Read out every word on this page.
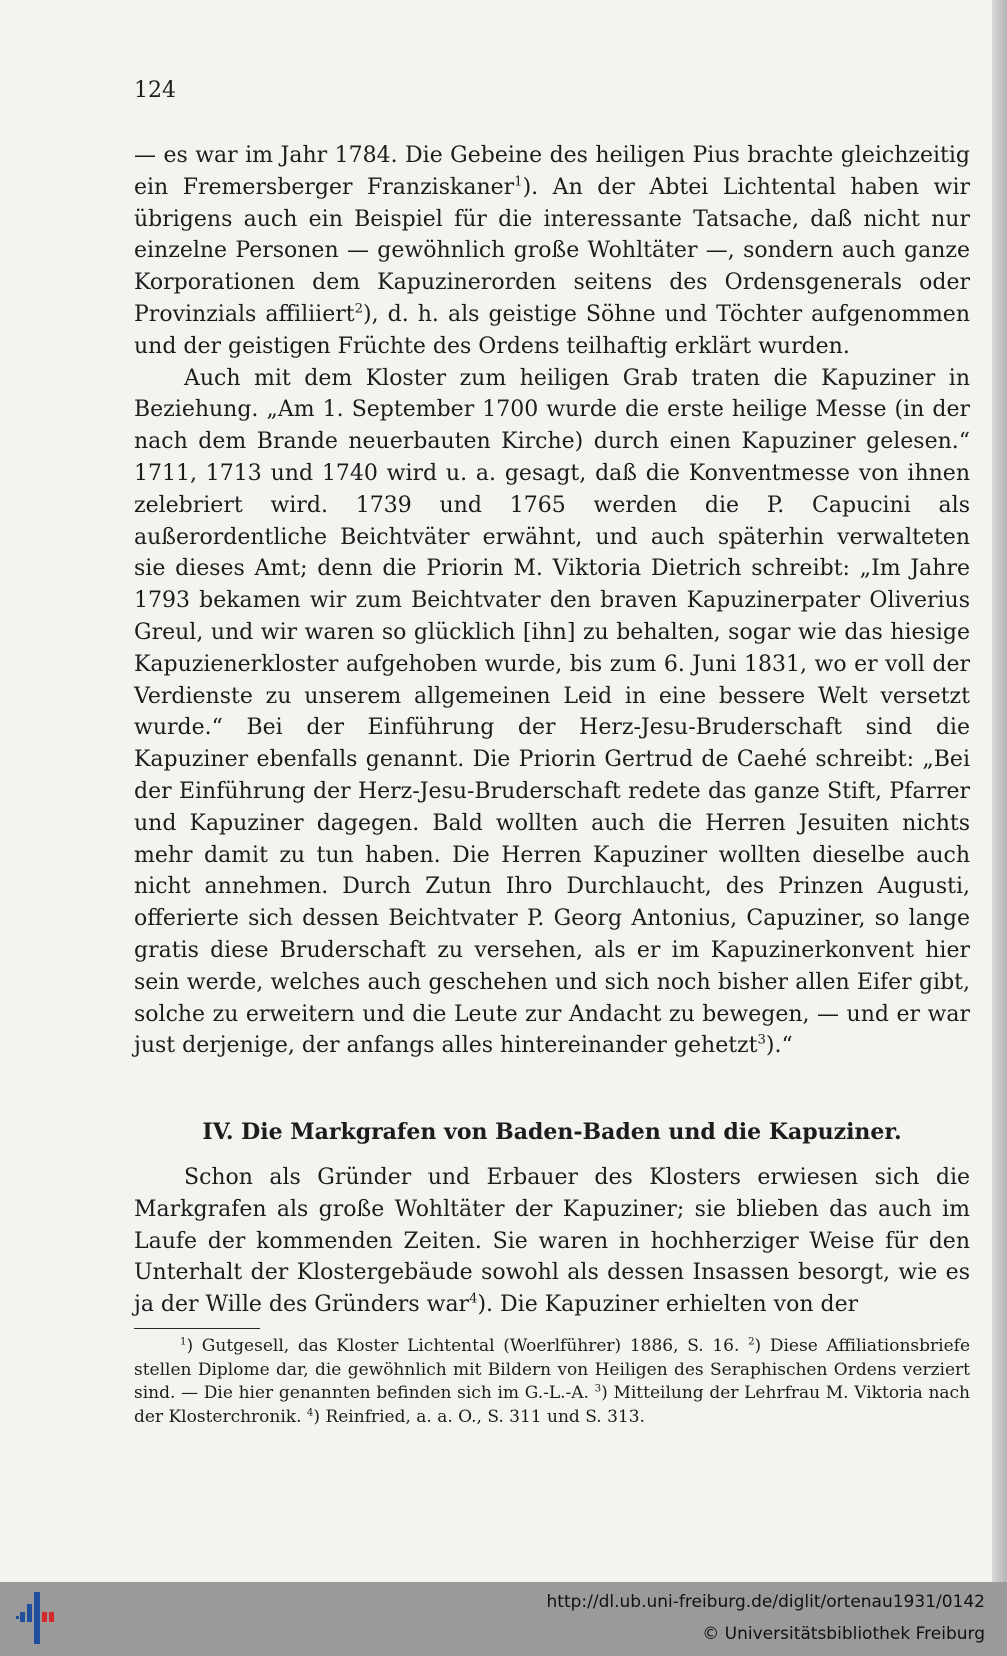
124

— es war im Jahr 1784. Die Gebeine des heiligen Pius brachte gleichzeitig ein Fremersberger Franziskaner$^1$). An der Abtei Lichtental haben wir übrigens auch ein Beispiel für die interessante Tatsache, daß nicht nur einzelne Personen — gewöhnlich große Wohltäter —, sondern auch ganze Korporationen dem Kapuzinerorden seitens des Ordensgenerals oder Provinzials affiliiert$^2$), d. h. als geistige Söhne und Töchter aufgenommen und der geistigen Früchte des Ordens teilhaftig erklärt wurden.

Auch mit dem Kloster zum heiligen Grab traten die Kapuziner in Beziehung. „Am 1. September 1700 wurde die erste heilige Messe (in der nach dem Brande neuerbauten Kirche) durch einen Kapuziner gelesen.“ 1711, 1713 und 1740 wird u. a. gesagt, daß die Konventmesse von ihnen zelebriert wird. 1739 und 1765 werden die P. Capucini als außerordentliche Beichtväter erwähnt, und auch späterhin verwalteten sie dieses Amt; denn die Priorin M. Viktoria Dietrich schreibt: „Im Jahre 1793 bekamen wir zum Beichtvater den braven Kapuzinerpater Oliverius Greul, und wir waren so glücklich [ihn] zu behalten, sogar wie das hiesige Kapuzienerkloster aufgehoben wurde, bis zum 6. Juni 1831, wo er voll der Verdienste zu unserem allgemeinen Leid in eine bessere Welt versetzt wurde.“ Bei der Einführung der Herz-Jesu-Bruderschaft sind die Kapuziner ebenfalls genannt. Die Priorin Gertrud de Caehé schreibt: „Bei der Einführung der Herz-Jesu-Bruderschaft redete das ganze Stift, Pfarrer und Kapuziner dagegen. Bald wollten auch die Herren Jesuiten nichts mehr damit zu tun haben. Die Herren Kapuziner wollten dieselbe auch nicht annehmen. Durch Zutun Ihro Durchlaucht, des Prinzen Augusti, offerierte sich dessen Beichtvater P. Georg Antonius, Capuziner, so lange gratis diese Bruderschaft zu versehen, als er im Kapuzinerkonvent hier sein werde, welches auch geschehen und sich noch bisher allen Eifer gibt, solche zu erweitern und die Leute zur Andacht zu bewegen, — und er war just derjenige, der anfangs alles hintereinander gehetzt$^3$).“

IV. Die Markgrafen von Baden-Baden und die Kapuziner.

Schon als Gründer und Erbauer des Klosters erwiesen sich die Markgrafen als große Wohltäter der Kapuziner; sie blieben das auch im Laufe der kommenden Zeiten. Sie waren in hochherziger Weise für den Unterhalt der Klostergebäude sowohl als dessen Insassen besorgt, wie es ja der Wille des Gründers war$^4$). Die Kapuziner erhielten von der

$^1$) Gutgesell, das Kloster Lichtental (Woerlführer) 1886, S. 16. $^2$) Diese Affiliationsbriefe stellen Diplome dar, die gewöhnlich mit Bildern von Heiligen des Seraphischen Ordens verziert sind. — Die hier genannten befinden sich im G.-L.-A. $^3$) Mitteilung der Lehrfrau M. Viktoria nach der Klosterchronik. $^4$) Reinfried, a. a. O., S. 311 und S. 313.
http://dl.ub.uni-freiburg.de/diglit/ortenau1931/0142
© Universitätsbibliothek Freiburg
